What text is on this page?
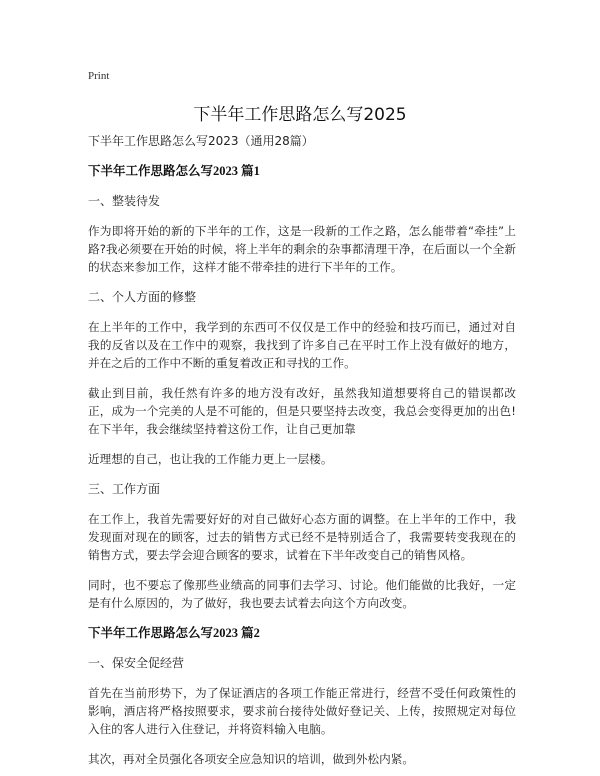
Print
下半年工作思路怎么写2025

下半年工作思路怎么写2023（通用28篇）

下半年工作思路怎么写2023 篇1

一、整装待发

作为即将开始的新的下半年的工作，这是一段新的工作之路，怎么能带着“牵挂”上路?我必须要在开始的时候，将上半年的剩余的杂事都清理干净，在后面以一个全新的状态来参加工作，这样才能不带牵挂的进行下半年的工作。

二、个人方面的修整

在上半年的工作中，我学到的东西可不仅仅是工作中的经验和技巧而已，通过对自我的反省以及在工作中的观察，我找到了许多自己在平时工作上没有做好的地方，并在之后的工作中不断的重复着改正和寻找的工作。

截止到目前，我任然有许多的地方没有改好，虽然我知道想要将自己的错误都改正，成为一个完美的人是不可能的，但是只要坚持去改变，我总会变得更加的出色!在下半年，我会继续坚持着这份工作，让自己更加靠

近理想的自己，也让我的工作能力更上一层楼。

三、工作方面

在工作上，我首先需要好好的对自己做好心态方面的调整。在上半年的工作中，我发现面对现在的顾客，过去的销售方式已经不是特别适合了，我需要转变我现在的销售方式，要去学会迎合顾客的要求，试着在下半年改变自己的销售风格。

同时，也不要忘了像那些业绩高的同事们去学习、讨论。他们能做的比我好，一定是有什么原因的，为了做好，我也要去试着去向这个方向改变。

下半年工作思路怎么写2023 篇2

一、保安全促经营

首先在当前形势下，为了保证酒店的各项工作能正常进行，经营不受任何政策性的影响，酒店将严格按照要求，要求前台接待处做好登记关、上传，按照规定对每位入住的客人进行入住登记，并将资料输入电脑。

其次，再对全员强化各项安全应急知识的培训，做到外松内紧。
